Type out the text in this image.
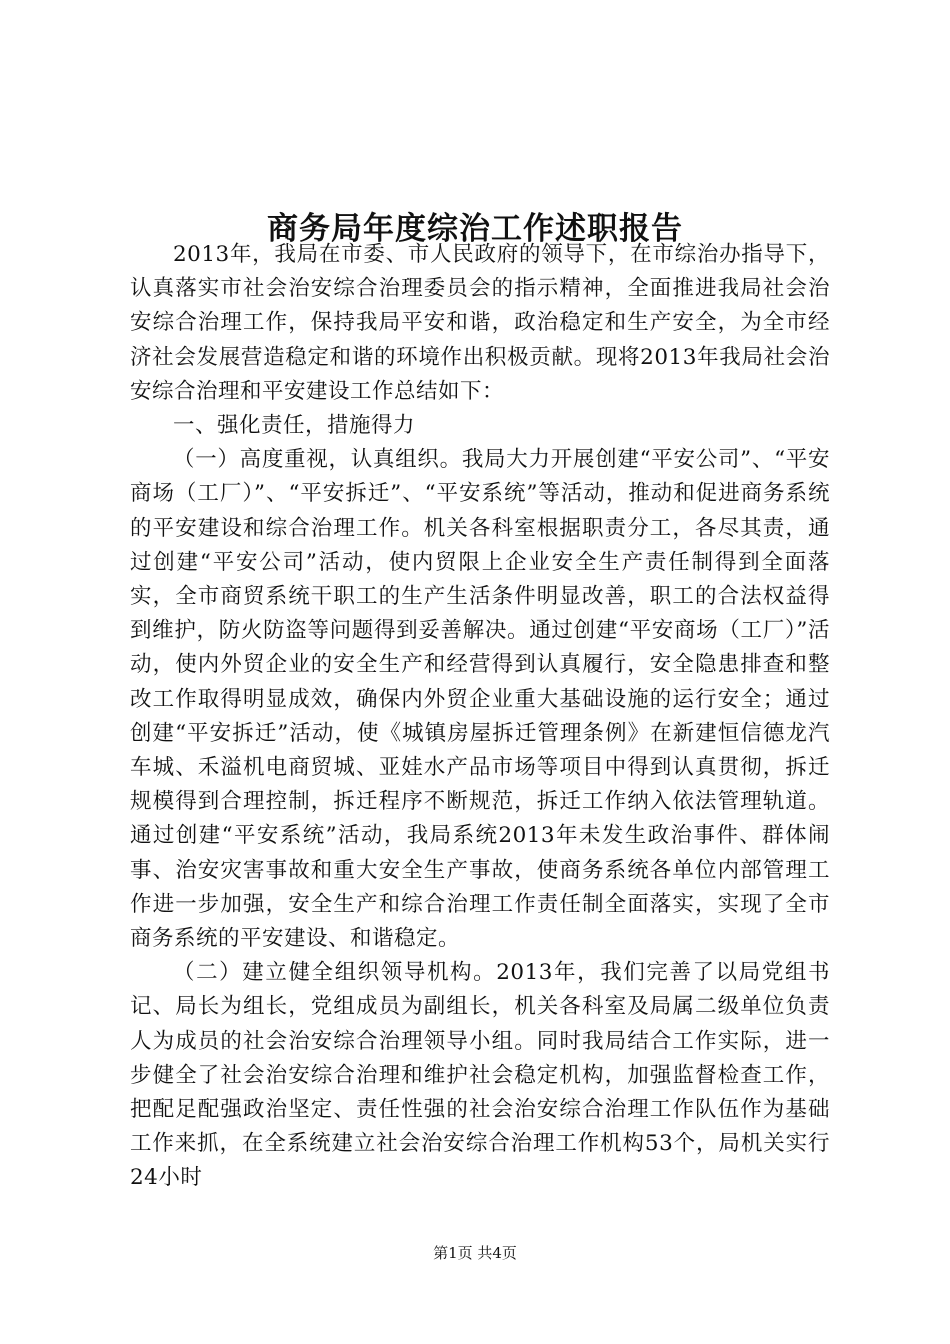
商务局年度综治工作述职报告

2013年，我局在市委、市人民政府的领导下，在市综治办指导下，认真落实市社会治安综合治理委员会的指示精神，全面推进我局社会治安综合治理工作，保持我局平安和谐，政治稳定和生产安全，为全市经济社会发展营造稳定和谐的环境作出积极贡献。现将2013年我局社会治安综合治理和平安建设工作总结如下：

一、强化责任，措施得力

（一）高度重视，认真组织。我局大力开展创建“平安公司”、“平安商场（工厂）”、“平安拆迁”、“平安系统”等活动，推动和促进商务系统的平安建设和综合治理工作。机关各科室根据职责分工，各尽其责，通过创建“平安公司”活动，使内贸限上企业安全生产责任制得到全面落实，全市商贸系统干职工的生产生活条件明显改善，职工的合法权益得到维护，防火防盗等问题得到妥善解决。通过创建“平安商场（工厂）”活动，使内外贸企业的安全生产和经营得到认真履行，安全隐患排查和整改工作取得明显成效，确保内外贸企业重大基础设施的运行安全；通过创建“平安拆迁”活动，使《城镇房屋拆迁管理条例》在新建恒信德龙汽车城、禾溢机电商贸城、亚娃水产品市场等项目中得到认真贯彻，拆迁规模得到合理控制，拆迁程序不断规范，拆迁工作纳入依法管理轨道。通过创建“平安系统”活动，我局系统2013年未发生政治事件、群体闹事、治安灾害事故和重大安全生产事故，使商务系统各单位内部管理工作进一步加强，安全生产和综合治理工作责任制全面落实，实现了全市商务系统的平安建设、和谐稳定。

（二）建立健全组织领导机构。2013年，我们完善了以局党组书记、局长为组长，党组成员为副组长，机关各科室及局属二级单位负责人为成员的社会治安综合治理领导小组。同时我局结合工作实际，进一步健全了社会治安综合治理和维护社会稳定机构，加强监督检查工作，把配足配强政治坚定、责任性强的社会治安综合治理工作队伍作为基础工作来抓，在全系统建立社会治安综合治理工作机构53个，局机关实行24小时

第1页 共4页
